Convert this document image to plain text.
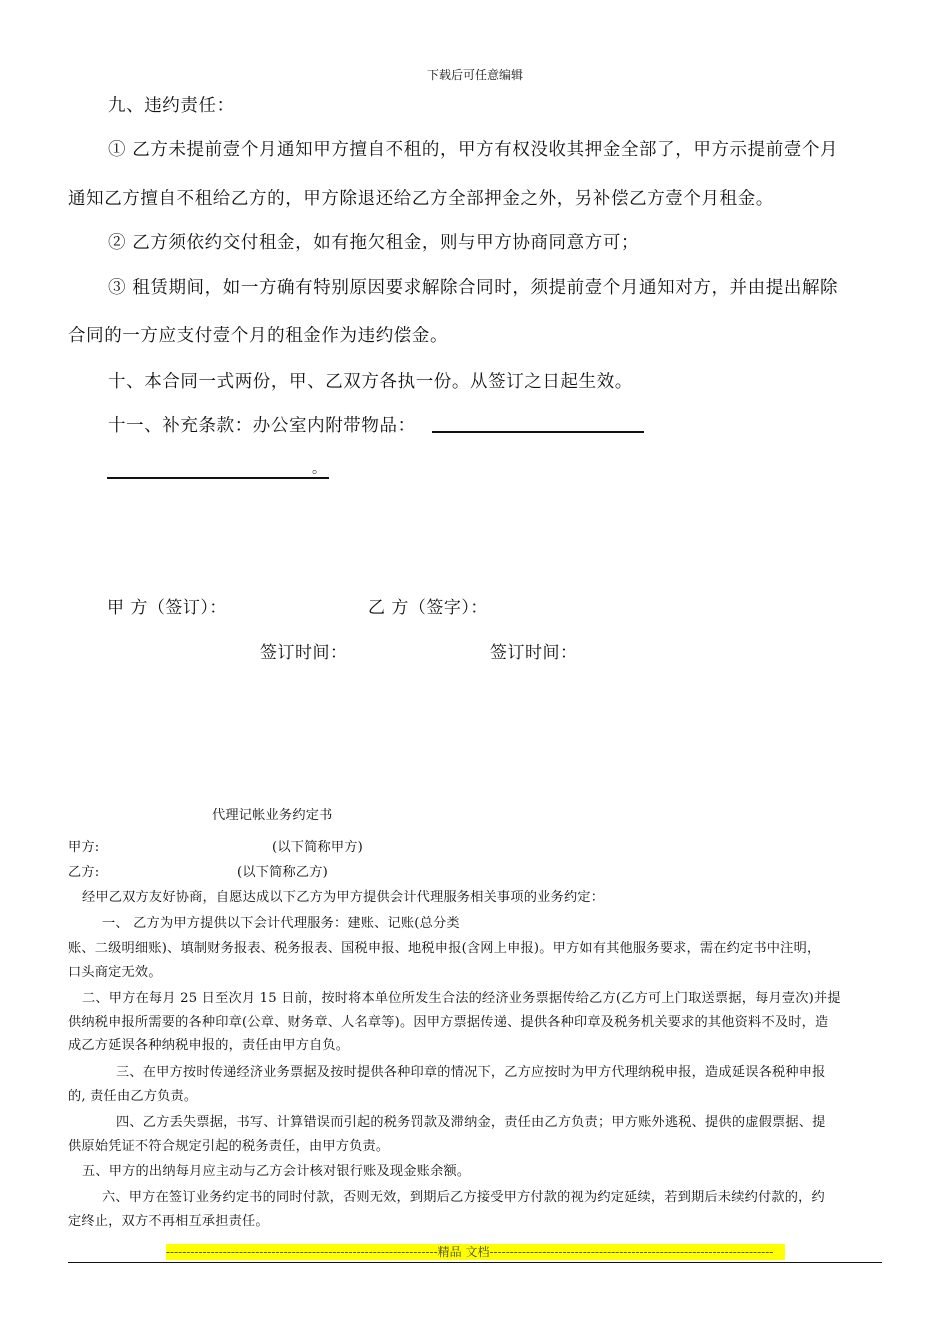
下载后可任意编辑
九、违约责任：
① 乙方未提前壹个月通知甲方擅自不租的，甲方有权没收其押金全部了，甲方示提前壹个月
通知乙方擅自不租给乙方的，甲方除退还给乙方全部押金之外，另补偿乙方壹个月租金。
② 乙方须依约交付租金，如有拖欠租金，则与甲方协商同意方可；
③ 租赁期间，如一方确有特别原因要求解除合同时，须提前壹个月通知对方，并由提出解除
合同的一方应支付壹个月的租金作为违约偿金。
十、本合同一式两份，甲、乙双方各执一份。从签订之日起生效。
十一、补充条款：办公室内附带物品：
。
甲 方（签订）：	乙 方（签字）：
签订时间：	签订时间：
代理记帐业务约定书
甲方:	(以下简称甲方)
乙方:	(以下简称乙方)
经甲乙双方友好协商，自愿达成以下乙方为甲方提供会计代理服务相关事项的业务约定：
一、 乙方为甲方提供以下会计代理服务：建账、记账(总分类
账、二级明细账)、填制财务报表、税务报表、国税申报、地税申报(含网上申报)。甲方如有其他服务要求，需在约定书中注明，
口头商定无效。
二、甲方在每月 25 日至次月 15 日前，按时将本单位所发生合法的经济业务票据传给乙方(乙方可上门取送票据，每月壹次)并提
供纳税申报所需要的各种印章(公章、财务章、人名章等)。因甲方票据传递、提供各种印章及税务机关要求的其他资料不及时，造
成乙方延误各种纳税申报的，责任由甲方自负。
三、在甲方按时传递经济业务票据及按时提供各种印章的情况下，乙方应按时为甲方代理纳税申报，造成延误各税种申报
的, 责任由乙方负责。
四、乙方丢失票据，书写、计算错误而引起的税务罚款及滞纳金，责任由乙方负责；甲方账外逃税、提供的虚假票据、提
供原始凭证不符合规定引起的税务责任，由甲方负责。
五、甲方的出纳每月应主动与乙方会计核对银行账及现金账余额。
六、甲方在签订业务约定书的同时付款，否则无效，到期后乙方接受甲方付款的视为约定延续，若到期后未续约付款的，约
定终止，双方不再相互承担责任。
-------------------------------------------------------------------精品 文档----------------------------------------------------------------------
